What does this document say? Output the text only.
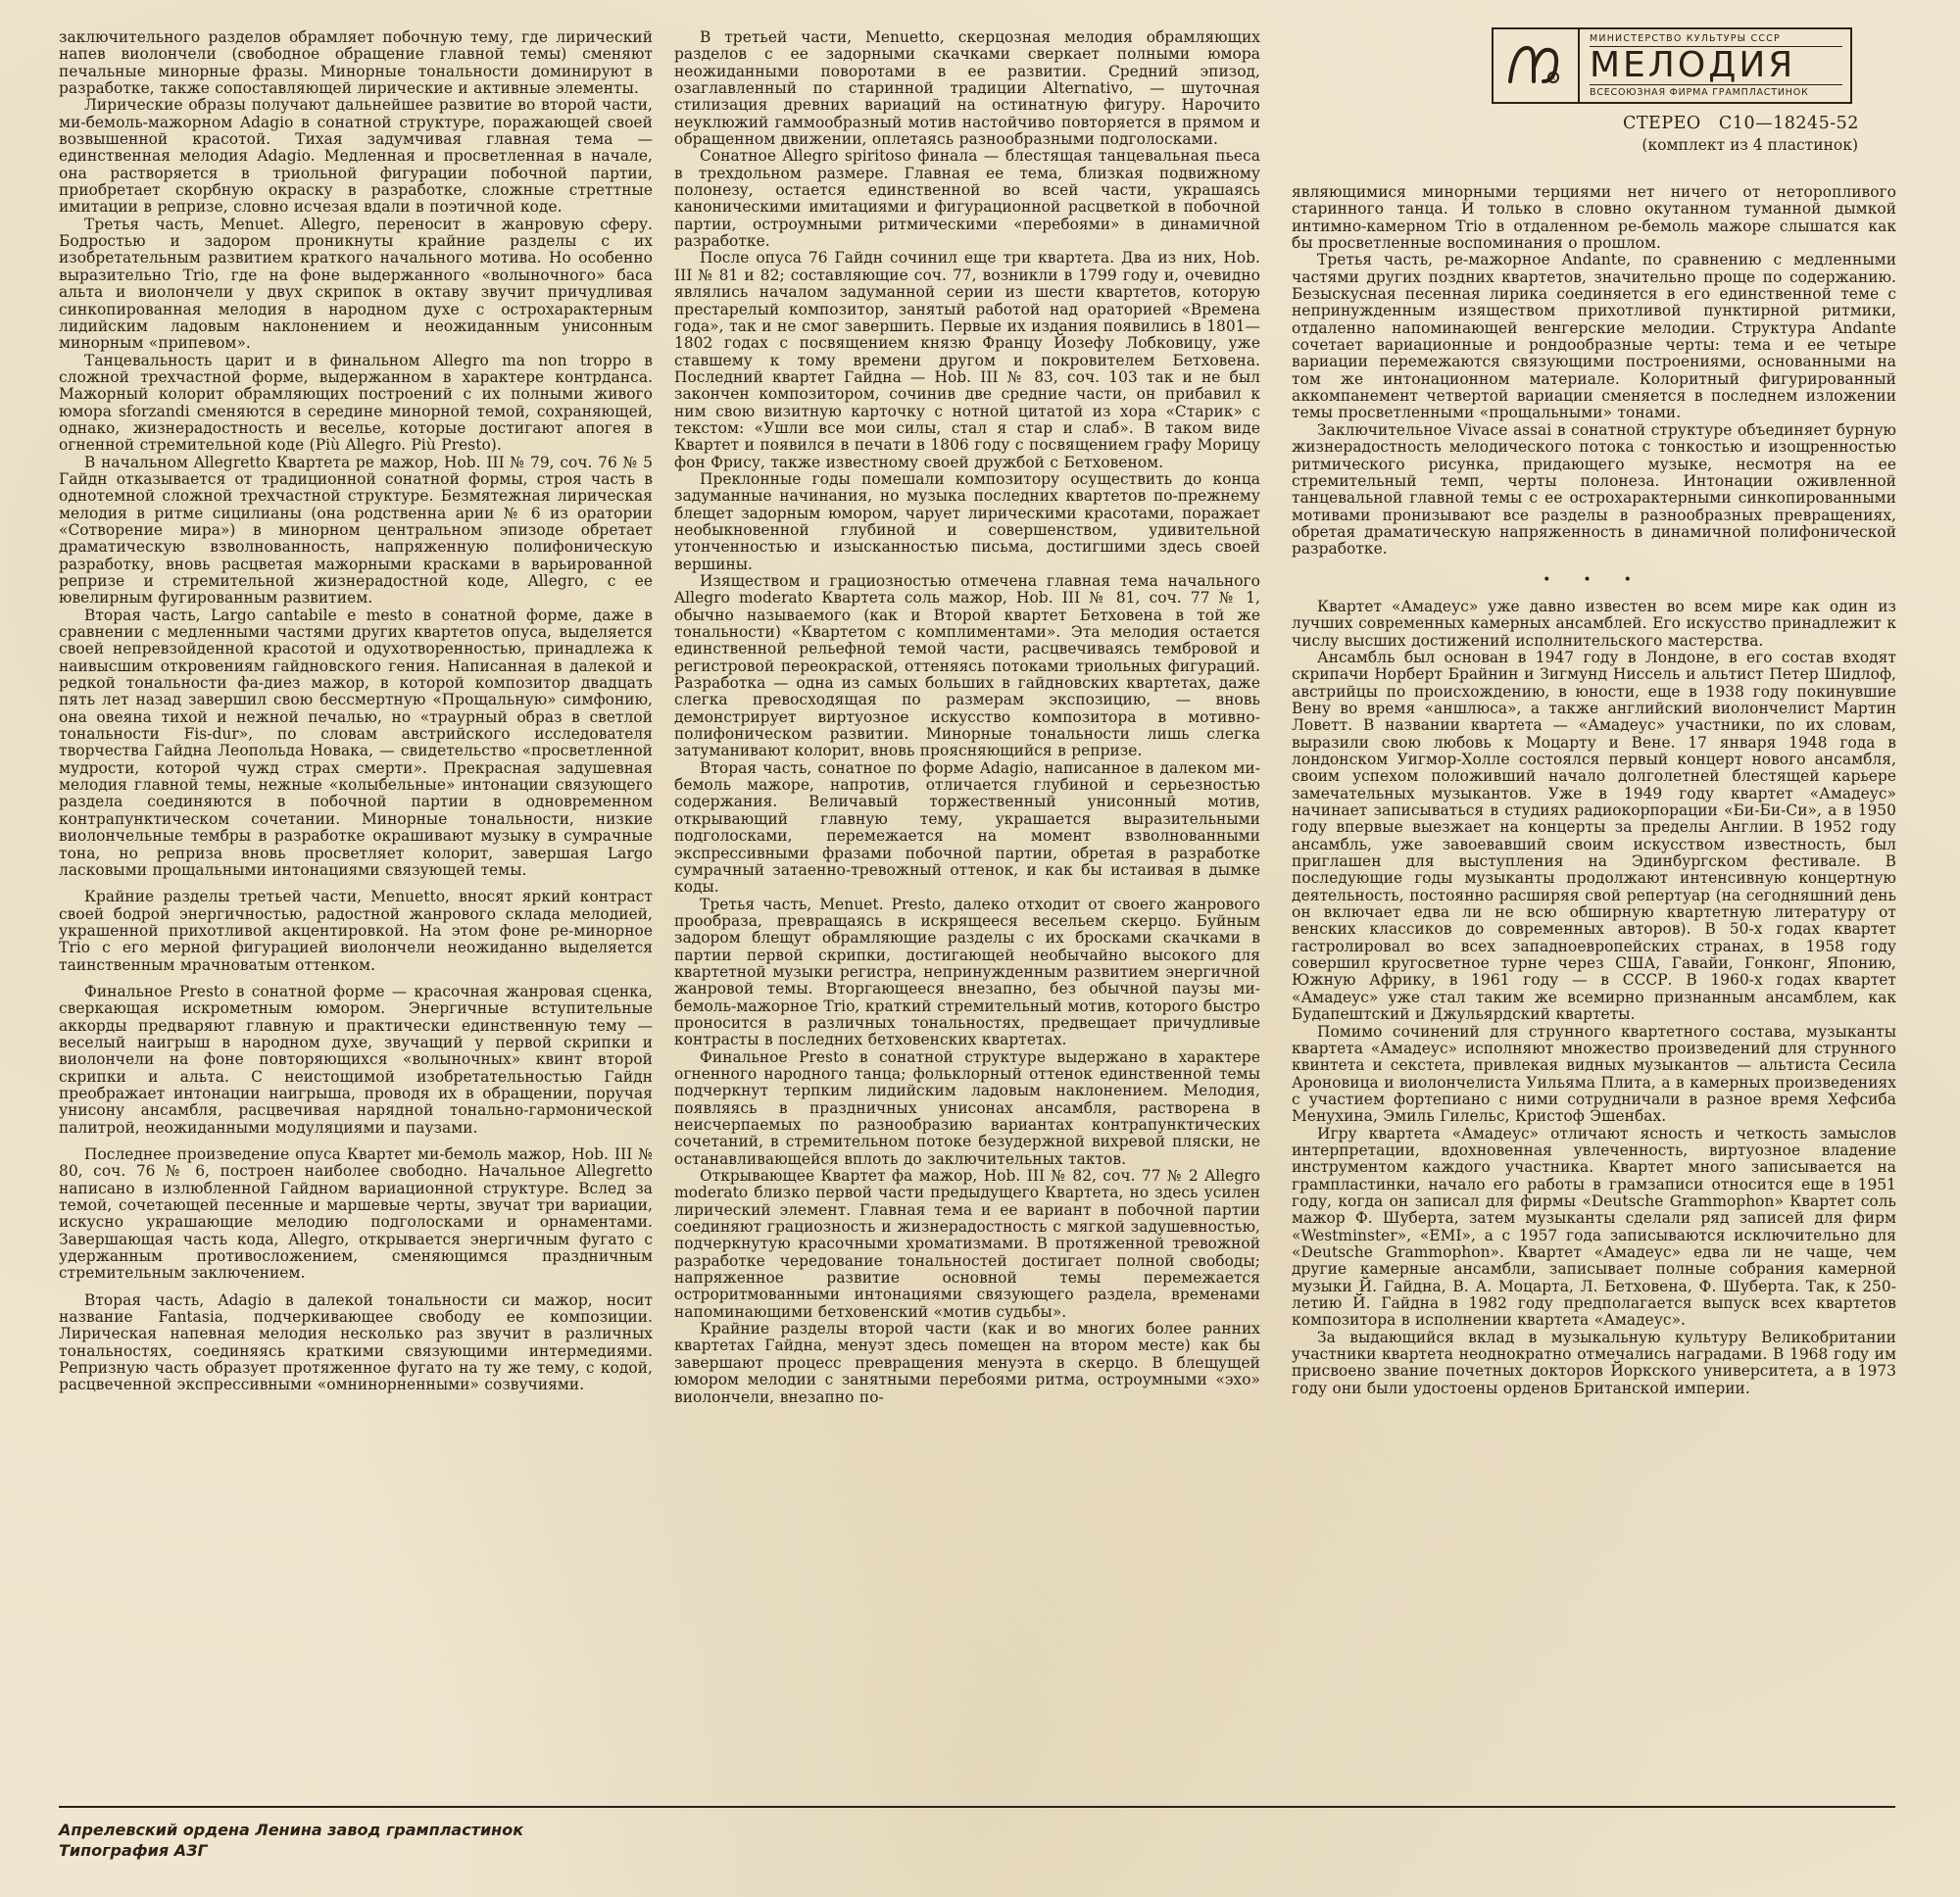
заключительного разделов обрамляет побочную тему, где лирический напев виолончели (свободное обращение главной темы) сменяют печальные минорные фразы. Минорные тональности доминируют в разработке, также сопоставляющей лирические и активные элементы.

Лирические образы получают дальнейшее развитие во второй части, ми-бемоль-мажорном Adagio в сонатной структуре, поражающей своей возвышенной красотой. Тихая задумчивая главная тема — единственная мелодия Adagio. Медленная и просветленная в начале, она растворяется в триольной фигурации побочной партии, приобретает скорбную окраску в разработке, сложные стреттные имитации в репризе, словно исчезая вдали в поэтичной коде.

Третья часть, Menuet. Allegro, переносит в жанровую сферу. Бодростью и задором проникнуты крайние разделы с их изобретательным развитием краткого начального мотива. Но особенно выразительно Trio, где на фоне выдержанного «волыночного» баса альта и виолончели у двух скрипок в октаву звучит причудливая синкопированная мелодия в народном духе с острохарактерным лидийским ладовым наклонением и неожиданным унисонным минорным «припевом».

Танцевальность царит и в финальном Allegro ma non troppo в сложной трехчастной форме, выдержанном в характере контрданса. Мажорный колорит обрамляющих построений с их полными живого юмора sforzandi сменяются в середине минорной темой, сохраняющей, однако, жизнерадостность и веселье, которые достигают апогея в огненной стремительной коде (Più Allegro. Più Presto).

В начальном Allegretto Квартета ре мажор, Hob. III № 79, соч. 76 № 5 Гайдн отказывается от традиционной сонатной формы, строя часть в однотемной сложной трехчастной структуре. Безмятежная лирическая мелодия в ритме сицилианы (она родственна арии № 6 из оратории «Сотворение мира») в минорном центральном эпизоде обретает драматическую взволнованность, напряженную полифоническую разработку, вновь расцветая мажорными красками в варьированной репризе и стремительной жизнерадостной коде, Allegro, с ее ювелирным фугированным развитием.

Вторая часть, Largo cantabile e mesto в сонатной форме, даже в сравнении с медленными частями других квартетов опуса, выделяется своей непревзойденной красотой и одухотворенностью, принадлежа к наивысшим откровениям гайдновского гения. Написанная в далекой и редкой тональности фа-диез мажор, в которой композитор двадцать пять лет назад завершил свою бессмертную «Прощальную» симфонию, она овеяна тихой и нежной печалью, но «траурный образ в светлой тональности Fis-dur», по словам австрийского исследователя творчества Гайдна Леопольда Новака, — свидетельство «просветленной мудрости, которой чужд страх смерти». Прекрасная задушевная мелодия главной темы, нежные «колыбельные» интонации связующего раздела соединяются в побочной партии в одновременном контрапунктическом сочетании. Минорные тональности, низкие виолончельные тембры в разработке окрашивают музыку в сумрачные тона, но реприза вновь просветляет колорит, завершая Largo ласковыми прощальными интонациями связующей темы.

Крайние разделы третьей части, Menuetto, вносят яркий контраст своей бодрой энергичностью, радостной жанрового склада мелодией, украшенной прихотливой акцентировкой. На этом фоне ре-минорное Trio с его мерной фигурацией виолончели неожиданно выделяется таинственным мрачноватым оттенком.

Финальное Presto в сонатной форме — красочная жанровая сценка, сверкающая искрометным юмором. Энергичные вступительные аккорды предваряют главную и практически единственную тему — веселый наигрыш в народном духе, звучащий у первой скрипки и виолончели на фоне повторяющихся «волыночных» квинт второй скрипки и альта. С неистощимой изобретательностью Гайдн преображает интонации наигрыша, проводя их в обращении, поручая унисону ансамбля, расцвечивая нарядной тонально-гармонической палитрой, неожиданными модуляциями и паузами.

Последнее произведение опуса Квартет ми-бемоль мажор, Hob. III № 80, соч. 76 № 6, построен наиболее свободно. Начальное Allegretto написано в излюбленной Гайдном вариационной структуре. Вслед за темой, сочетающей песенные и маршевые черты, звучат три вариации, искусно украшающие мелодию подголосками и орнаментами. Завершающая часть кода, Allegro, открывается энергичным фугато с удержанным противосложением, сменяющимся праздничным стремительным заключением.

Вторая часть, Adagio в далекой тональности си мажор, носит название Fantasia, подчеркивающее свободу ее композиции. Лирическая напевная мелодия несколько раз звучит в различных тональностях, соединяясь краткими связующими интермедиями. Репризную часть образует протяженное фугато на ту же тему, с кодой, расцвеченной экспрессивными «омнинорненными» созвучиями.

В третьей части, Menuetto, скерцозная мелодия обрамляющих разделов с ее задорными скачками сверкает полными юмора неожиданными поворотами в ее развитии. Средний эпизод, озаглавленный по старинной традиции Alternativo, — шуточная стилизация древних вариаций на остинатную фигуру. Нарочито неуклюжий гаммообразный мотив настойчиво повторяется в прямом и обращенном движении, оплетаясь разнообразными подголосками.

Сонатное Allegro spiritoso финала — блестящая танцевальная пьеса в трехдольном размере. Главная ее тема, близкая подвижному полонезу, остается единственной во всей части, украшаясь каноническими имитациями и фигурационной расцветкой в побочной партии, остроумными ритмическими «перебоями» в динамичной разработке.

После опуса 76 Гайдн сочинил еще три квартета. Два из них, Hob. III № 81 и 82; составляющие соч. 77, возникли в 1799 году и, очевидно являлись началом задуманной серии из шести квартетов, которую престарелый композитор, занятый работой над ораторией «Времена года», так и не смог завершить. Первые их издания появились в 1801—1802 годах с посвящением князю Францу Йозефу Лобковицу, уже ставшему к тому времени другом и покровителем Бетховена. Последний квартет Гайдна — Hob. III № 83, соч. 103 так и не был закончен композитором, сочинив две средние части, он прибавил к ним свою визитную карточку с нотной цитатой из хора «Старик» с текстом: «Ушли все мои силы, стал я стар и слаб». В таком виде Квартет и появился в печати в 1806 году с посвящением графу Морицу фон Фрису, также известному своей дружбой с Бетховеном.

Преклонные годы помешали композитору осуществить до конца задуманные начинания, но музыка последних квартетов по-прежнему блещет задорным юмором, чарует лирическими красотами, поражает необыкновенной глубиной и совершенством, удивительной утонченностью и изысканностью письма, достигшими здесь своей вершины.

Изяществом и грациозностью отмечена главная тема начального Allegro moderato Квартета соль мажор, Hob. III № 81, соч. 77 № 1, обычно называемого (как и Второй квартет Бетховена в той же тональности) «Квартетом с комплиментами». Эта мелодия остается единственной рельефной темой части, расцвечиваясь тембровой и регистровой переокраской, оттеняясь потоками триольных фигураций. Разработка — одна из самых больших в гайдновских квартетах, даже слегка превосходящая по размерам экспозицию, — вновь демонстрирует виртуозное искусство композитора в мотивно-полифоническом развитии. Минорные тональности лишь слегка затуманивают колорит, вновь проясняющийся в репризе.

Вторая часть, сонатное по форме Adagio, написанное в далеком ми-бемоль мажоре, напротив, отличается глубиной и серьезностью содержания. Величавый торжественный унисонный мотив, открывающий главную тему, украшается выразительными подголосками, перемежается на момент взволнованными экспрессивными фразами побочной партии, обретая в разработке сумрачный затаенно-тревожный оттенок, и как бы истаивая в дымке коды.

Третья часть, Menuet. Presto, далеко отходит от своего жанрового прообраза, превращаясь в искрящееся весельем скерцо. Буйным задором блещут обрамляющие разделы с их бросками скачками в партии первой скрипки, достигающей необычайно высокого для квартетной музыки регистра, непринужденным развитием энергичной жанровой темы. Вторгающееся внезапно, без обычной паузы ми-бемоль-мажорное Trio, краткий стремительный мотив, которого быстро проносится в различных тональностях, предвещает причудливые контрасты в последних бетховенских квартетах.

Финальное Presto в сонатной структуре выдержано в характере огненного народного танца; фольклорный оттенок единственной темы подчеркнут терпким лидийским ладовым наклонением. Мелодия, появляясь в праздничных унисонах ансамбля, растворена в неисчерпаемых по разнообразию вариантах контрапунктических сочетаний, в стремительном потоке безудержной вихревой пляски, не останавливающейся вплоть до заключительных тактов.

Открывающее Квартет фа мажор, Hob. III № 82, соч. 77 № 2 Allegro moderato близко первой части предыдущего Квартета, но здесь усилен лирический элемент. Главная тема и ее вариант в побочной партии соединяют грациозность и жизнерадостность с мягкой задушевностью, подчеркнутую красочными хроматизмами. В протяженной тревожной разработке чередование тональностей достигает полной свободы; напряженное развитие основной темы перемежается остроритмованными интонациями связующего раздела, временами напоминающими бетховенский «мотив судьбы».

Крайние разделы второй части (как и во многих более ранних квартетах Гайдна, менуэт здесь помещен на втором месте) как бы завершают процесс превращения менуэта в скерцо. В блещущей юмором мелодии с занятными перебоями ритма, остроумными «эхо» виолончели, внезапно по-

R
МИНИСТЕРСТВО КУЛЬТУРЫ СССР
МЕЛОДИЯ
ВСЕСОЮЗНАЯ ФИРМА ГРАМПЛАСТИНОК
СТЕРЕО   С10—18245-52
(комплект из 4 пластинок)

являющимися минорными терциями нет ничего от неторопливого старинного танца. И только в словно окутанном туманной дымкой интимно-камерном Trio в отдаленном ре-бемоль мажоре слышатся как бы просветленные воспоминания о прошлом.

Третья часть, ре-мажорное Andante, по сравнению с медленными частями других поздних квартетов, значительно проще по содержанию. Безыскусная песенная лирика соединяется в его единственной теме с непринужденным изяществом прихотливой пунктирной ритмики, отдаленно напоминающей венгерские мелодии. Структура Andante сочетает вариационные и рондообразные черты: тема и ее четыре вариации перемежаются связующими построениями, основанными на том же интонационном материале. Колоритный фигурированный аккомпанемент четвертой вариации сменяется в последнем изложении темы просветленными «прощальными» тонами.

Заключительное Vivace assai в сонатной структуре объединяет бурную жизнерадостность мелодического потока с тонкостью и изощренностью ритмического рисунка, придающего музыке, несмотря на ее стремительный темп, черты полонеза. Интонации оживленной танцевальной главной темы с ее острохарактерными синкопированными мотивами пронизывают все разделы в разнообразных превращениях, обретая драматическую напряженность в динамичной полифонической разработке.

• • •

Квартет «Амадеус» уже давно известен во всем мире как один из лучших современных камерных ансамблей. Его искусство принадлежит к числу высших достижений исполнительского мастерства.

Ансамбль был основан в 1947 году в Лондоне, в его состав входят скрипачи Норберт Брайнин и Зигмунд Ниссель и альтист Петер Шидлоф, австрийцы по происхождению, в юности, еще в 1938 году покинувшие Вену во время «аншлюса», а также английский виолончелист Мартин Ловетт. В названии квартета — «Амадеус» участники, по их словам, выразили свою любовь к Моцарту и Вене. 17 января 1948 года в лондонском Уигмор-Холле состоялся первый концерт нового ансамбля, своим успехом положивший начало долголетней блестящей карьере замечательных музыкантов. Уже в 1949 году квартет «Амадеус» начинает записываться в студиях радиокорпорации «Би-Би-Си», а в 1950 году впервые выезжает на концерты за пределы Англии. В 1952 году ансамбль, уже завоевавший своим искусством известность, был приглашен для выступления на Эдинбургском фестивале. В последующие годы музыканты продолжают интенсивную концертную деятельность, постоянно расширяя свой репертуар (на сегодняшний день он включает едва ли не всю обширную квартетную литературу от венских классиков до современных авторов). В 50-х годах квартет гастролировал во всех западноевропейских странах, в 1958 году совершил кругосветное турне через США, Гавайи, Гонконг, Японию, Южную Африку, в 1961 году — в СССР. В 1960-х годах квартет «Амадеус» уже стал таким же всемирно признанным ансамблем, как Будапештский и Джульярдский квартеты.

Помимо сочинений для струнного квартетного состава, музыканты квартета «Амадеус» исполняют множество произведений для струнного квинтета и секстета, привлекая видных музыкантов — альтиста Сесила Ароновица и виолончелиста Уильяма Плита, а в камерных произведениях с участием фортепиано с ними сотрудничали в разное время Хефсиба Менухина, Эмиль Гилельс, Кристоф Эшенбах.

Игру квартета «Амадеус» отличают ясность и четкость замыслов интерпретации, вдохновенная увлеченность, виртуозное владение инструментом каждого участника. Квартет много записывается на грампластинки, начало его работы в грамзаписи относится еще в 1951 году, когда он записал для фирмы «Deutsche Grammophon» Квартет соль мажор Ф. Шуберта, затем музыканты сделали ряд записей для фирм «Westminster», «EMI», а с 1957 года записываются исключительно для «Deutsche Grammophon». Квартет «Амадеус» едва ли не чаще, чем другие камерные ансамбли, записывает полные собрания камерной музыки Й. Гайдна, В. А. Моцарта, Л. Бетховена, Ф. Шуберта. Так, к 250-летию Й. Гайдна в 1982 году предполагается выпуск всех квартетов композитора в исполнении квартета «Амадеус».

За выдающийся вклад в музыкальную культуру Великобритании участники квартета неоднократно отмечались наградами. В 1968 году им присвоено звание почетных докторов Йоркского университета, а в 1973 году они были удостоены орденов Британской империи.

Апрелевский ордена Ленина завод грампластинок
Типография АЗГ
